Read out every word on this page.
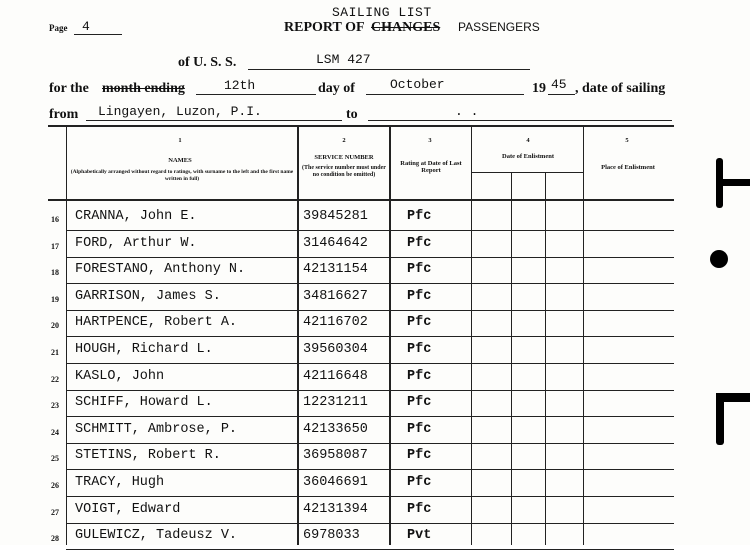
Page 4
SAILING LIST
REPORT OF CHANGES PASSENGERS
of U. S. S.	LSM 427
for the month ending	12th	day of	October	19 45 , date of sailing
from Lingayen, Luzon, P.I.	to	. .
1
NAMES
(Alphabetically arranged without regard to ratings, with surname to the left and the first name written in full)
2
SERVICE NUMBER
(The service number must under no condition be omitted)
3
Rating at Date of Last Report
4
Date of Enlistment
5
Place of Enlistment
16	CRANNA, John E.	39845281	Pfc
17	FORD, Arthur W.	31464642	Pfc
18	FORESTANO, Anthony N.	42131154	Pfc
19	GARRISON, James S.	34816627	Pfc
20	HARTPENCE, Robert A.	42116702	Pfc
21	HOUGH, Richard L.	39560304	Pfc
22	KASLO, John	42116648	Pfc
23	SCHIFF, Howard L.	12231211	Pfc
24	SCHMITT, Ambrose, P.	42133650	Pfc
25	STETINS, Robert R.	36958087	Pfc
26	TRACY, Hugh	36046691	Pfc
27	VOIGT, Edward	42131394	Pfc
28	GULEWICZ, Tadeusz V.	6978033	Pvt
